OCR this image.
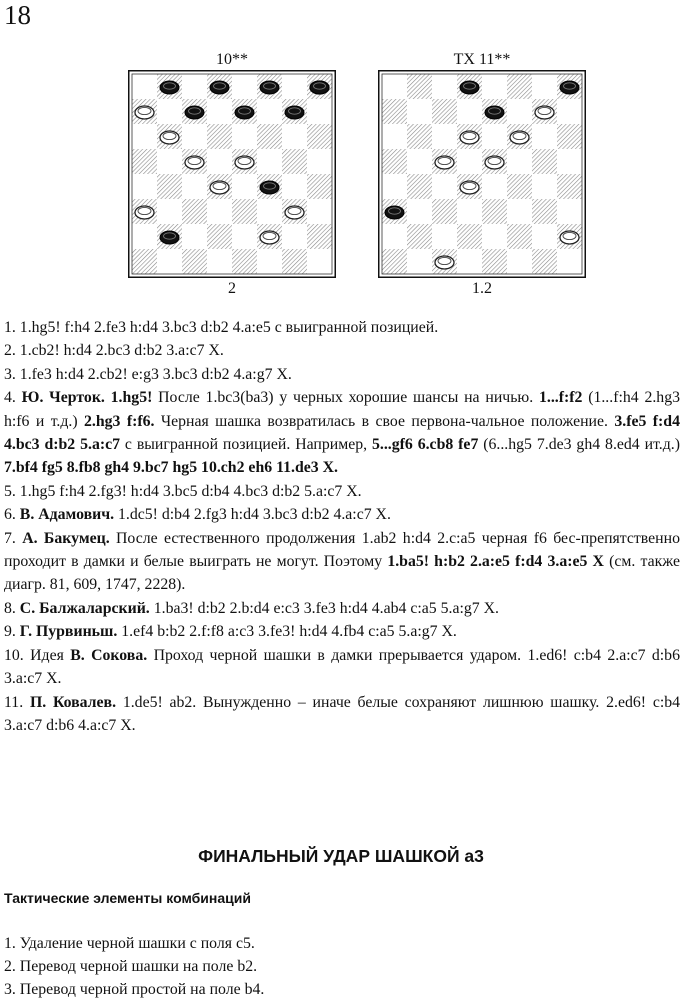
18
10**
2
TX 11**
1.2

1. 1.hg5! f:h4 2.fe3 h:d4 3.bc3 d:b2 4.a:e5 с выигранной позицией.

2. 1.cb2! h:d4 2.bc3 d:b2 3.a:c7 X.

3. 1.fe3 h:d4 2.cb2! e:g3 3.bc3 d:b2 4.a:g7 X.

4. Ю. Черток. 1.hg5! После 1.bc3(ba3) у черных хорошие шансы на ничью. 1...f:f2 (1...f:h4 2.hg3 h:f6 и т.д.) 2.hg3 f:f6. Черная шашка возвратилась в свое первона-чальное положение. 3.fe5 f:d4 4.bc3 d:b2 5.a:c7 с выигранной позицией. Например, 5...gf6 6.cb8 fe7 (6...hg5 7.de3 gh4 8.ed4 ит.д.) 7.bf4 fg5 8.fb8 gh4 9.bc7 hg5 10.ch2 eh6 11.de3 X.

5. 1.hg5 f:h4 2.fg3! h:d4 3.bc5 d:b4 4.bc3 d:b2 5.a:c7 X.

6. В. Адамович. 1.dc5! d:b4 2.fg3 h:d4 3.bc3 d:b2 4.a:c7 X.

7. А. Бакумец. После естественного продолжения 1.ab2 h:d4 2.c:a5 черная f6 бес-препятственно проходит в дамки и белые выиграть не могут. Поэтому 1.ba5! h:b2 2.a:e5 f:d4 3.a:e5 X (см. также диагр. 81, 609, 1747, 2228).

8. С. Балжаларский. 1.ba3! d:b2 2.b:d4 e:c3 3.fe3 h:d4 4.ab4 c:a5 5.a:g7 X.

9. Г. Пурвиньш. 1.ef4 b:b2 2.f:f8 a:c3 3.fe3! h:d4 4.fb4 c:a5 5.a:g7 X.

10. Идея В. Сокова. Проход черной шашки в дамки прерывается ударом. 1.ed6! c:b4 2.a:c7 d:b6 3.a:c7 X.

11. П. Ковалев. 1.de5! ab2. Вынужденно – иначе белые сохраняют лишнюю шашку. 2.ed6! c:b4 3.a:c7 d:b6 4.a:c7 X.

ФИНАЛЬНЫЙ УДАР ШАШКОЙ а3
Тактические элементы комбинаций

1. Удаление черной шашки с поля c5.

2. Перевод черной шашки на поле b2.

3. Перевод черной простой на поле b4.
